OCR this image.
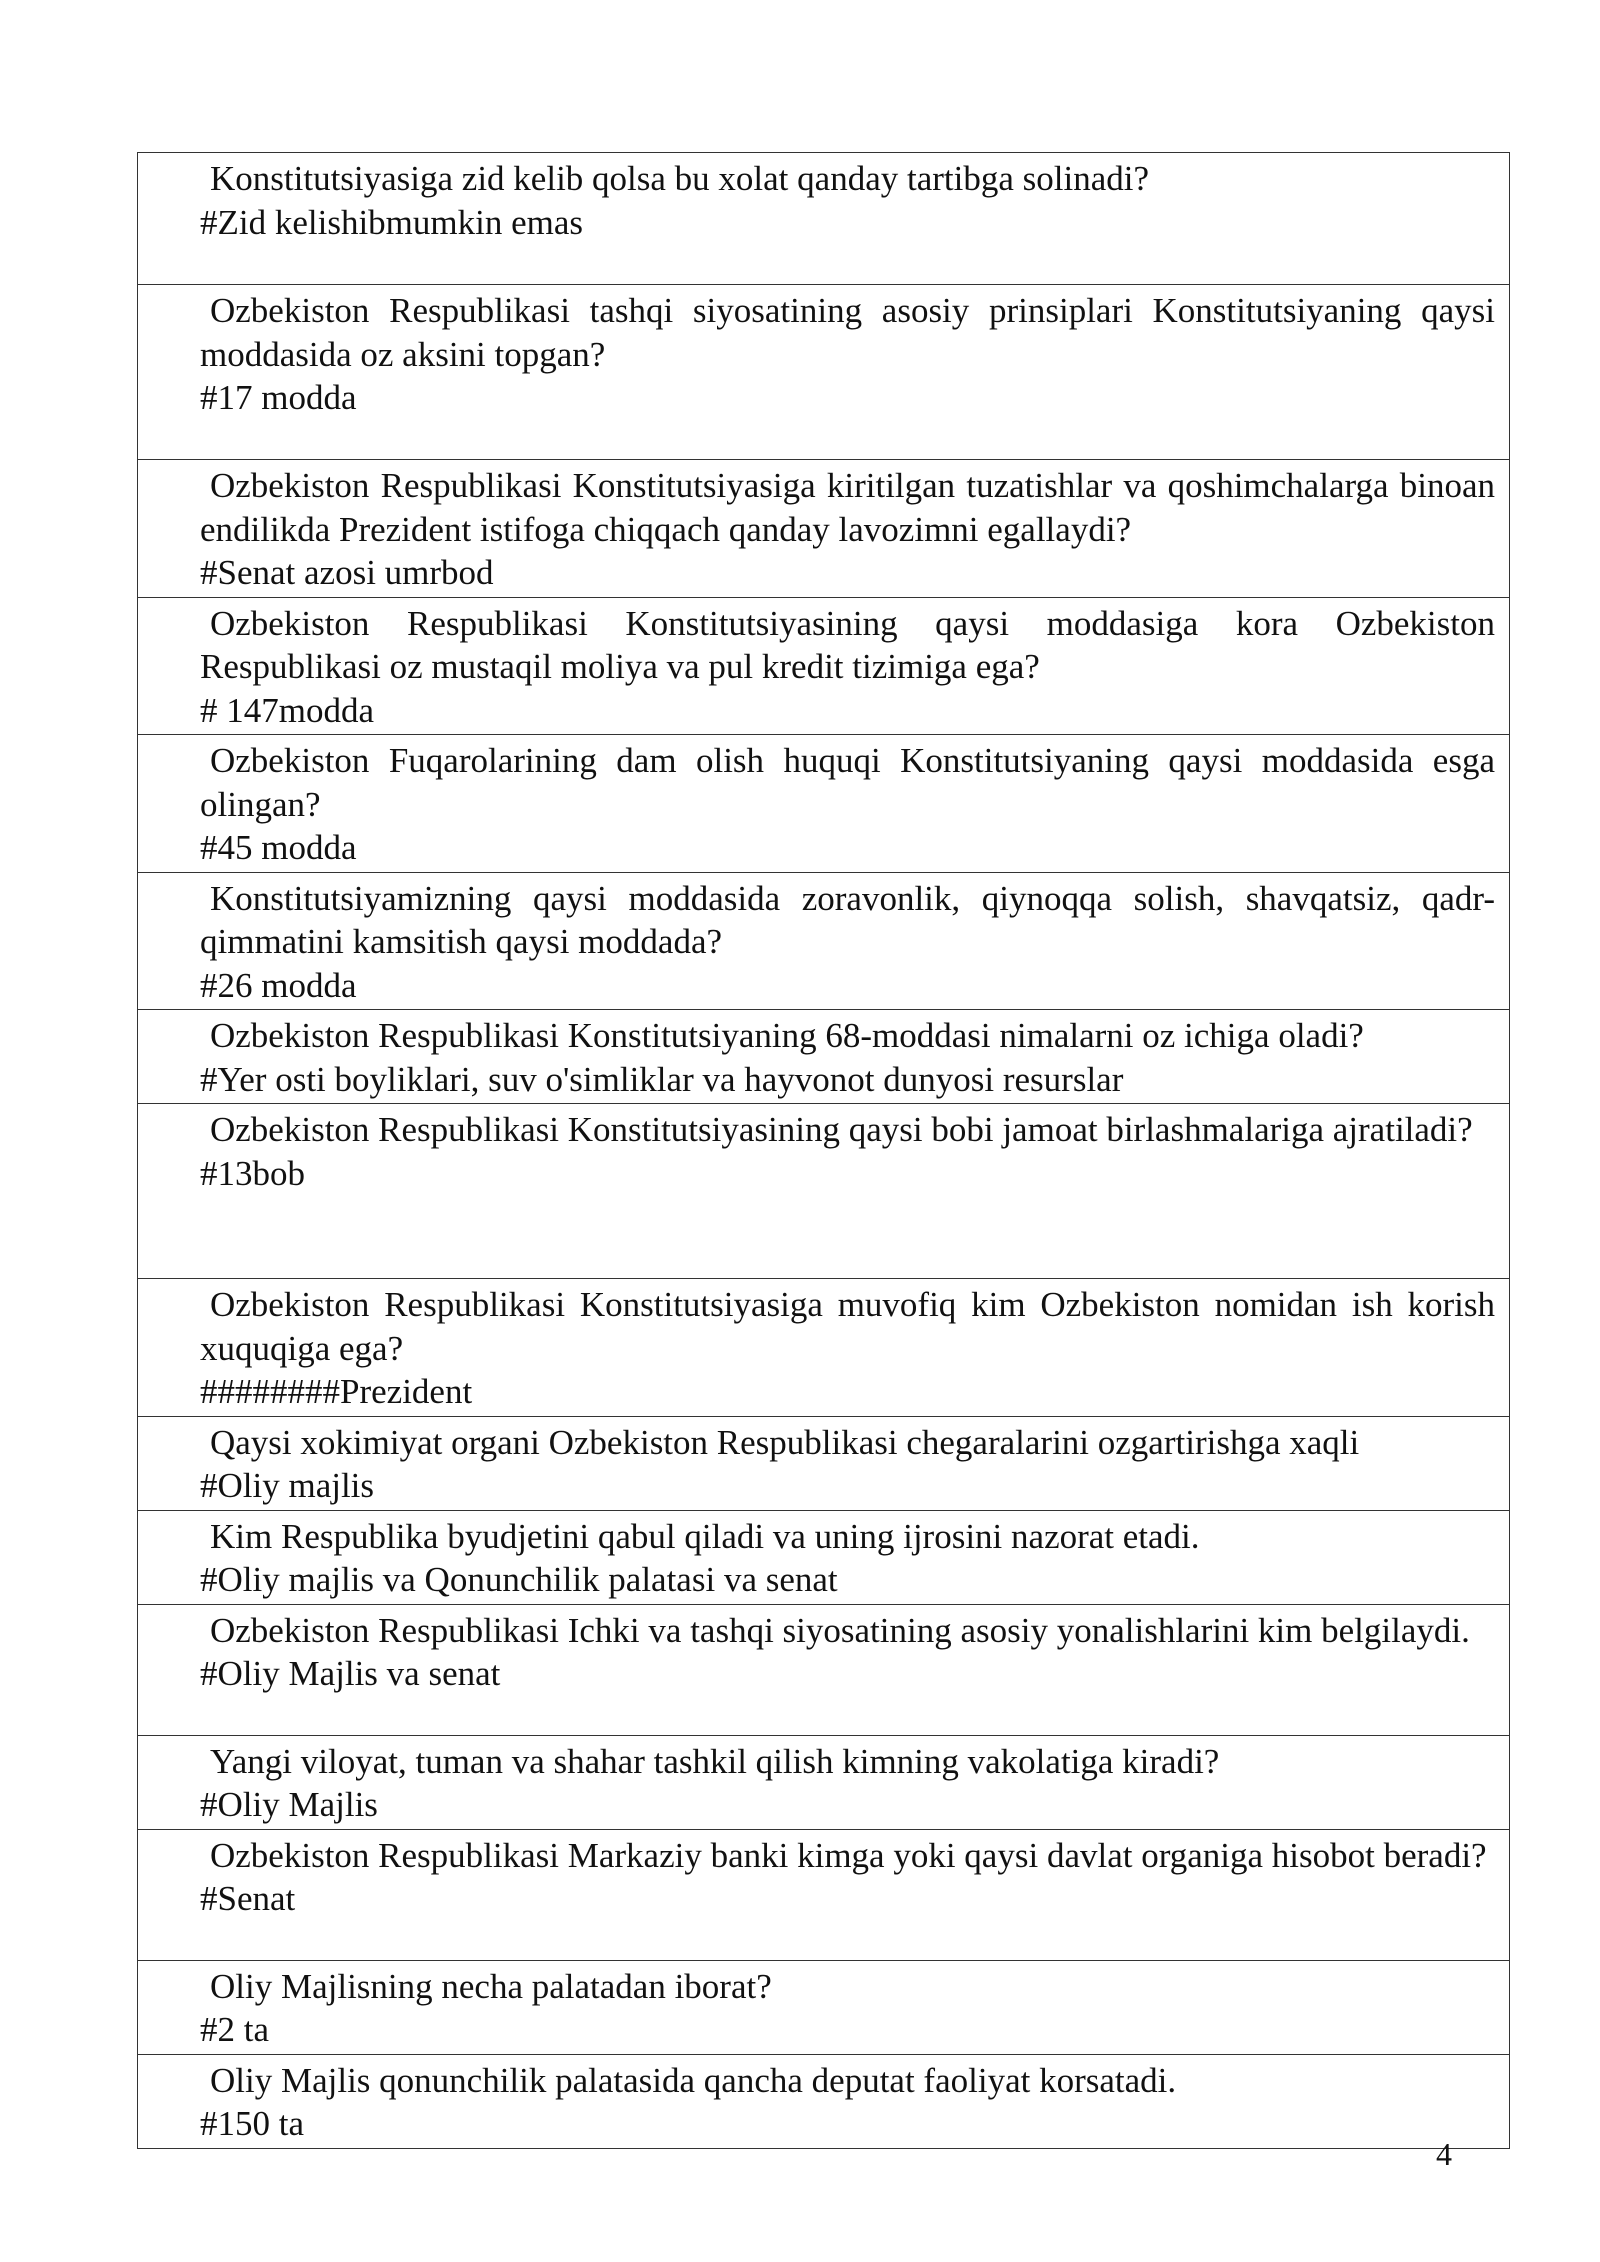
Konstitutsiyasiga zid kelib qolsa bu xolat qanday tartibga solinadi?
#Zid kelishibmumkin emas

Ozbekiston Respublikasi tashqi siyosatining asosiy prinsiplari Konstitutsiyaning qaysi moddasida oz aksini topgan?
#17 modda

Ozbekiston Respublikasi Konstitutsiyasiga kiritilgan tuzatishlar va qoshimchalarga binoan endilikda Prezident istifoga chiqqach qanday lavozimni egallaydi?
#Senat azosi umrbod

Ozbekiston Respublikasi Konstitutsiyasining qaysi moddasiga kora Ozbekiston Respublikasi oz mustaqil moliya va pul kredit tizimiga ega?
# 147modda

Ozbekiston Fuqarolarining dam olish huquqi Konstitutsiyaning qaysi moddasida esga olingan?
#45 modda

Konstitutsiyamizning qaysi moddasida zoravonlik, qiynoqqa solish, shavqatsiz, qadr-qimmatini kamsitish qaysi moddada?
#26 modda

Ozbekiston Respublikasi Konstitutsiyaning 68-moddasi nimalarni oz ichiga oladi?
#Yer osti boyliklari, suv o'simliklar va hayvonot dunyosi resurslar

Ozbekiston Respublikasi Konstitutsiyasining qaysi bobi jamoat birlashmalariga ajratiladi?
#13bob

Ozbekiston Respublikasi Konstitutsiyasiga muvofiq kim Ozbekiston nomidan ish korish xuquqiga ega?
########Prezident

Qaysi xokimiyat organi Ozbekiston Respublikasi chegaralarini ozgartirishga xaqli
#Oliy majlis

Kim Respublika byudjetini qabul qiladi va uning ijrosini nazorat etadi.
#Oliy majlis va Qonunchilik palatasi va senat

Ozbekiston Respublikasi Ichki va tashqi siyosatining asosiy yonalishlarini kim belgilaydi.
#Oliy Majlis va senat

Yangi viloyat, tuman va shahar tashkil qilish kimning vakolatiga kiradi?
#Oliy Majlis

Ozbekiston Respublikasi Markaziy banki kimga yoki qaysi davlat organiga hisobot beradi?
#Senat

Oliy Majlisning necha palatadan iborat?
#2 ta

Oliy Majlis qonunchilik palatasida qancha deputat faoliyat korsatadi.
#150 ta
4
